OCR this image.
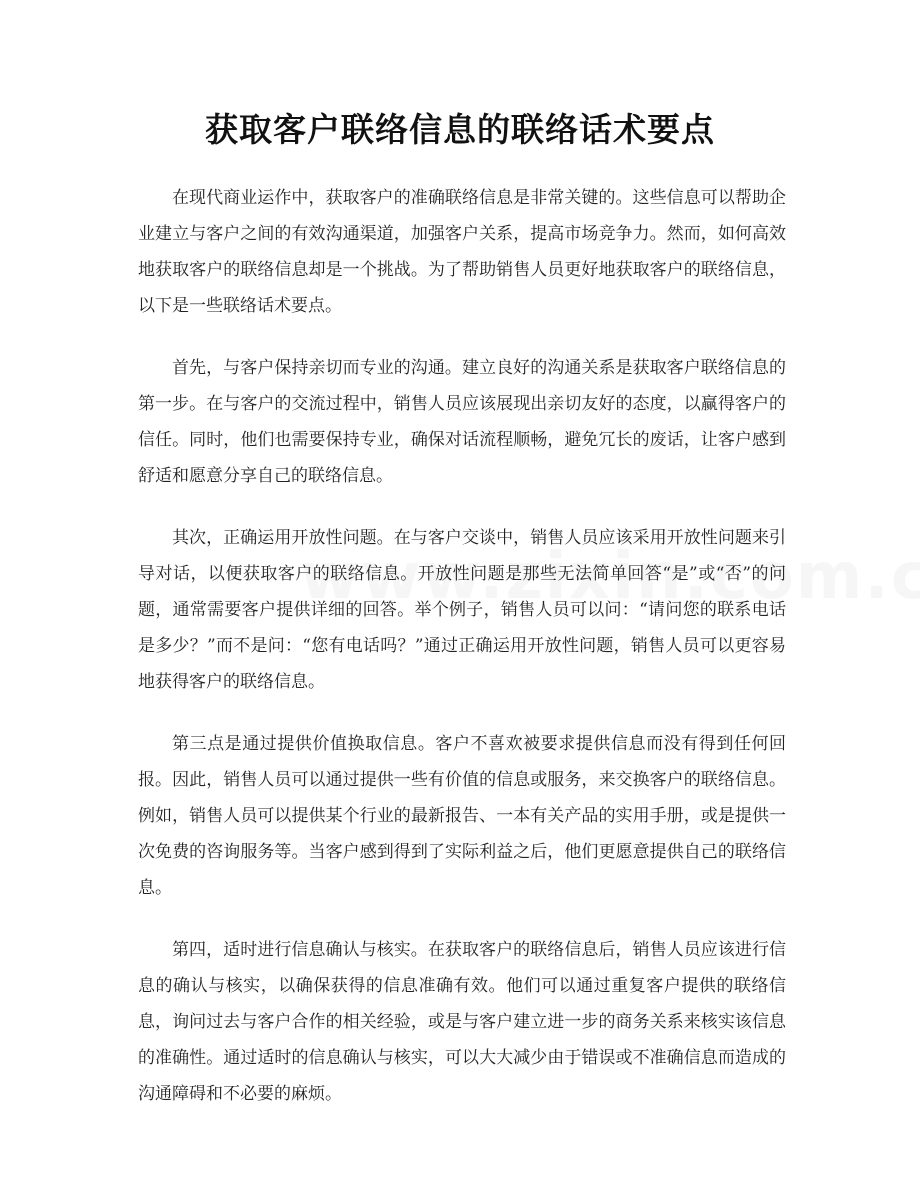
获取客户联络信息的联络话术要点

在现代商业运作中，获取客户的准确联络信息是非常关键的。这些信息可以帮助企业建立与客户之间的有效沟通渠道，加强客户关系，提高市场竞争力。然而，如何高效地获取客户的联络信息却是一个挑战。为了帮助销售人员更好地获取客户的联络信息，以下是一些联络话术要点。

首先，与客户保持亲切而专业的沟通。建立良好的沟通关系是获取客户联络信息的第一步。在与客户的交流过程中，销售人员应该展现出亲切友好的态度，以赢得客户的信任。同时，他们也需要保持专业，确保对话流程顺畅，避免冗长的废话，让客户感到舒适和愿意分享自己的联络信息。

其次，正确运用开放性问题。在与客户交谈中，销售人员应该采用开放性问题来引导对话，以便获取客户的联络信息。开放性问题是那些无法简单回答“是”或“否”的问题，通常需要客户提供详细的回答。举个例子，销售人员可以问：“请问您的联系电话是多少？”而不是问：“您有电话吗？”通过正确运用开放性问题，销售人员可以更容易地获得客户的联络信息。

第三点是通过提供价值换取信息。客户不喜欢被要求提供信息而没有得到任何回报。因此，销售人员可以通过提供一些有价值的信息或服务，来交换客户的联络信息。例如，销售人员可以提供某个行业的最新报告、一本有关产品的实用手册，或是提供一次免费的咨询服务等。当客户感到得到了实际利益之后，他们更愿意提供自己的联络信息。

第四，适时进行信息确认与核实。在获取客户的联络信息后，销售人员应该进行信息的确认与核实，以确保获得的信息准确有效。他们可以通过重复客户提供的联络信息，询问过去与客户合作的相关经验，或是与客户建立进一步的商务关系来核实该信息的准确性。通过适时的信息确认与核实，可以大大减少由于错误或不准确信息而造成的沟通障碍和不必要的麻烦。
